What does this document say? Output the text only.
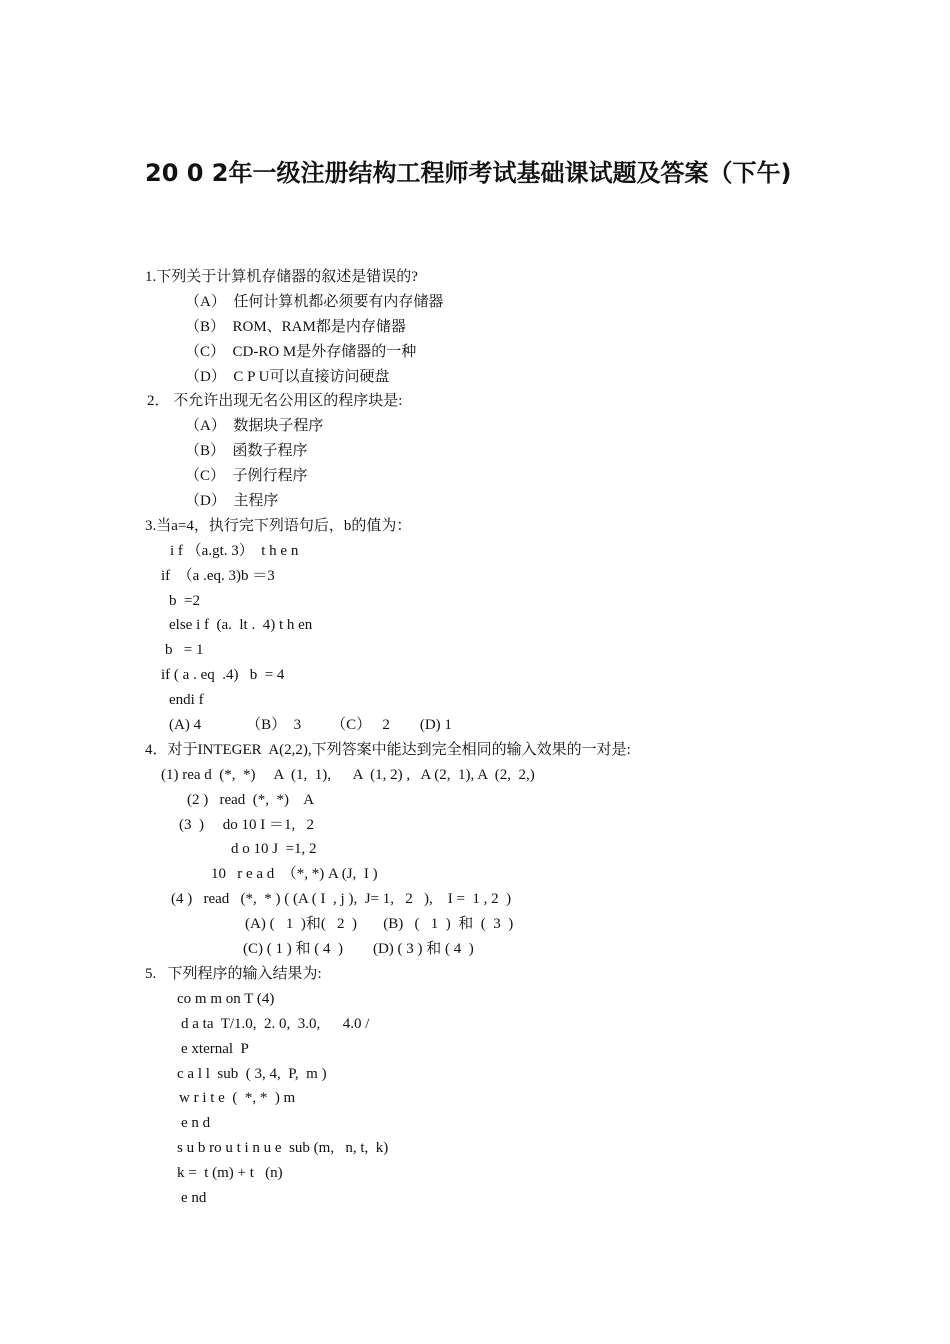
20 0 2年一级注册结构工程师考试基础课试题及答案（下午)
1.下列关于计算机存储器的叙述是错误的?
（A）  任何计算机都必须要有内存储器
（B）  ROM、RAM都是内存储器
（C）  CD-RO M是外存储器的一种
（D）  C P U可以直接访问硬盘
2． 不允许出现无名公用区的程序块是:
（A）  数据块子程序
（B）  函数子程序
（C）  子例行程序
（D）  主程序
3.当a=4，执行完下列语句后，b的值为：
i f （a.gt. 3）  t h e n
if  （a .eq. 3)b ＝3
b  =2
else i f  (a.  lt .  4) t h en
b   = 1
if ( a . eq  .4)   b  = 4
endi f
(A) 4            （B）  3        （C）   2        (D) 1
4．对于INTEGER  A(2,2),下列答案中能达到完全相同的输入效果的一对是:
(1) rea d  (*,  *)     A  (1,  1),      A  (1, 2) ,   A (2,  1), A  (2,  2,)
(2 )   read  (*,  *)    A
(3  )     do 10 I ＝1,   2
d o 10 J  =1, 2
10   r e a d  （*, *) A (J,  I )
(4 )   read   (*,  * ) ( (A ( I  , j ),  J= 1,   2   ),    I =  1 , 2  )
(A) (   1  )和(   2  )       (B)   (   1  )  和  (  3  )
(C) ( 1 ) 和 ( 4  )        (D) ( 3 ) 和 ( 4  )
5.   下列程序的输入结果为:
co m m on T (4)
d a ta  T/1.0,  2. 0,  3.0,      4.0 /
e xternal  P
c a l l  sub  ( 3, 4,  P,  m )
w r i t e  (  *, *  ) m
e n d
s u b ro u t i n u e  sub (m,   n, t,  k)
k =  t (m) + t   (n)
e nd
